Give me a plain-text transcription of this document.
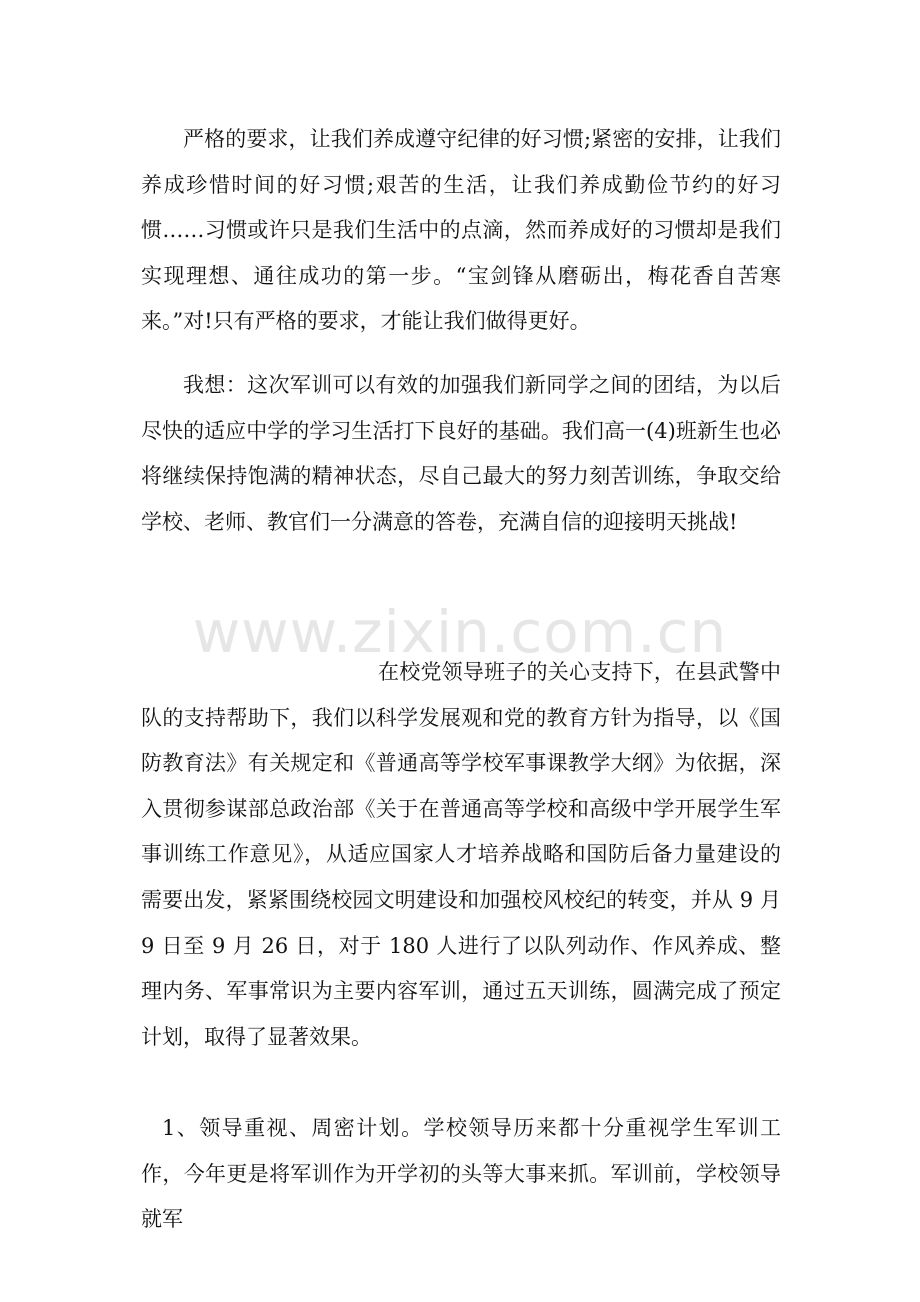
严格的要求，让我们养成遵守纪律的好习惯;紧密的安排，让我们养成珍惜时间的好习惯;艰苦的生活，让我们养成勤俭节约的好习惯……习惯或许只是我们生活中的点滴，然而养成好的习惯却是我们实现理想、通往成功的第一步。“宝剑锋从磨砺出，梅花香自苦寒来。”对!只有严格的要求，才能让我们做得更好。

我想：这次军训可以有效的加强我们新同学之间的团结，为以后尽快的适应中学的学习生活打下良好的基础。我们高一(4)班新生也必将继续保持饱满的精神状态，尽自己最大的努力刻苦训练，争取交给学校、老师、教官们一分满意的答卷，充满自信的迎接明天挑战!

www.zixin.com.cn

在校党领导班子的关心支持下，在县武警中队的支持帮助下，我们以科学发展观和党的教育方针为指导，以《国防教育法》有关规定和《普通高等学校军事课教学大纲》为依据，深入贯彻参谋部总政治部《关于在普通高等学校和高级中学开展学生军事训练工作意见》，从适应国家人才培养战略和国防后备力量建设的需要出发，紧紧围绕校园文明建设和加强校风校纪的转变，并从 9 月 9 日至 9 月 26 日，对于 180 人进行了以队列动作、作风养成、整理内务、军事常识为主要内容军训，通过五天训练，圆满完成了预定计划，取得了显著效果。

1、领导重视、周密计划。学校领导历来都十分重视学生军训工作，今年更是将军训作为开学初的头等大事来抓。军训前，学校领导就军
